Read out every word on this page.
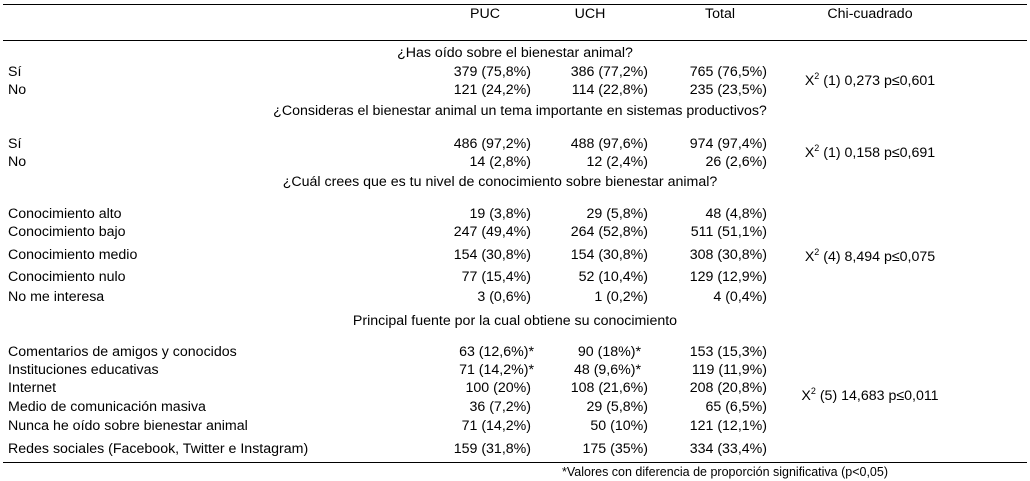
PUC	UCH	Total	Chi-cuadrado
¿Has oído sobre el bienestar animal?
Sí	379 (75,8%)	386 (77,2%)	765 (76,5%)
No	121 (24,2%)	114 (22,8%)	235 (23,5%)
$X^2$ (1) 0,273 p≤0,601
¿Consideras el bienestar animal un tema importante en sistemas productivos?
Sí	486 (97,2%)	488 (97,6%)	974 (97,4%)
No	14 (2,8%)	12 (2,4%)	26 (2,6%)
$X^2$ (1) 0,158 p≤0,691
¿Cuál crees que es tu nivel de conocimiento sobre bienestar animal?
Conocimiento alto	19 (3,8%)	29 (5,8%)	48 (4,8%)
Conocimiento bajo	247 (49,4%)	264 (52,8%)	511 (51,1%)
Conocimiento medio	154 (30,8%)	154 (30,8%)	308 (30,8%)
Conocimiento nulo	77 (15,4%)	52 (10,4%)	129 (12,9%)
No me interesa	3 (0,6%)	1 (0,2%)	4 (0,4%)
$X^2$ (4) 8,494 p≤0,075
Principal fuente por la cual obtiene su conocimiento
Comentarios de amigos y conocidos	63 (12,6%)*	90 (18%)*	153 (15,3%)
Instituciones educativas	71 (14,2%)*	48 (9,6%)*	119 (11,9%)
Internet	100 (20%)	108 (21,6%)	208 (20,8%)
Medio de comunicación masiva	36 (7,2%)	29 (5,8%)	65 (6,5%)
Nunca he oído sobre bienestar animal	71 (14,2%)	50 (10%)	121 (12,1%)
Redes sociales (Facebook, Twitter e Instagram)	159 (31,8%)	175 (35%)	334 (33,4%)
$X^2$ (5) 14,683 p≤0,011
*Valores con diferencia de proporción significativa (p<0,05)
